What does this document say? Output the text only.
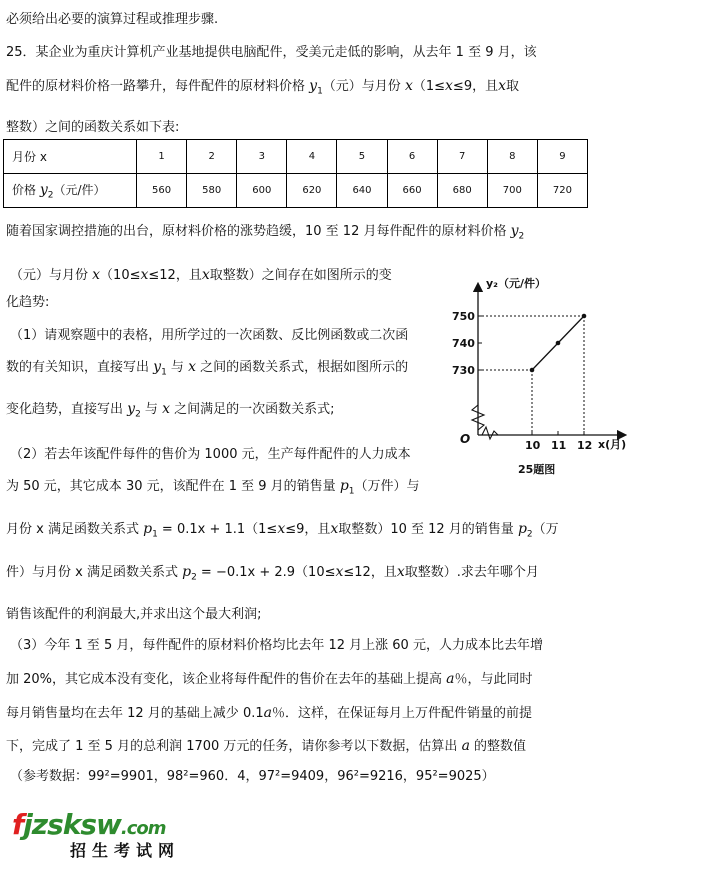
必须给出必要的演算过程或推理步骤.
25．某企业为重庆计算机产业基地提供电脑配件，受美元走低的影响，从去年 1 至 9 月，该
配件的原材料价格一路攀升，每件配件的原材料价格 $y_1$（元）与月份 x（1≤x≤9，且x取
整数）之间的函数关系如下表:
月份 x	1	2	3	4	5	6	7	8	9
价格 $y_2$（元/件）	560	580	600	620	640	660	680	700	720
随着国家调控措施的出台，原材料价格的涨势趋缓，10 至 12 月每件配件的原材料价格 $y_2$
（元）与月份 x（10≤x≤12，且x取整数）之间存在如图所示的变
化趋势:
（1）请观察题中的表格，用所学过的一次函数、反比例函数或二次函
数的有关知识，直接写出 $y_1$ 与 x 之间的函数关系式，根据如图所示的
变化趋势，直接写出 $y_2$ 与 x 之间满足的一次函数关系式;
（2）若去年该配件每件的售价为 1000 元，生产每件配件的人力成本
为 50 元，其它成本 30 元，该配件在 1 至 9 月的销售量 $p_1$（万件）与
月份 x 满足函数关系式 $p_1 = 0.1x + 1.1(1\le x\le 9$，且x取整数）10 至 12 月的销售量 $p_2$（万
件）与月份 x 满足函数关系式 $p_2 = -0.1x + 2.9(10\le x\le 12$，且x取整数）.求去年哪个月
销售该配件的利润最大,并求出这个最大利润;
（3）今年 1 至 5 月，每件配件的原材料价格均比去年 12 月上涨 60 元，人力成本比去年增
加 20%，其它成本没有变化，该企业将每件配件的售价在去年的基础上提高 a％，与此同时
每月销售量均在去年 12 月的基础上减少 0.1a％．这样，在保证每月上万件配件销量的前提
下，完成了 1 至 5 月的总利润 1700 万元的任务，请你参考以下数据，估算出 a 的整数值
（参考数据：99²=9901，98²=960．4，97²=9409，96²=9216，95²=9025）
y₂（元/件）
x(月)
O
25题图
730
740
750
10 11 12
fjzsksw.com
招生考试网
